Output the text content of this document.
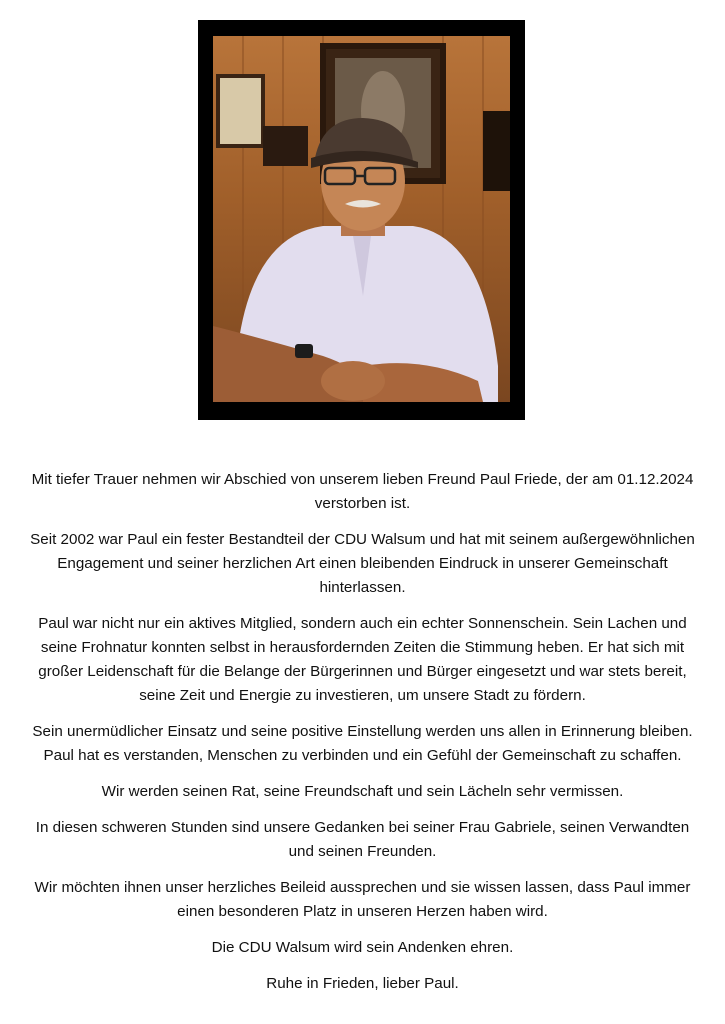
Mit tiefer Trauer nehmen wir Abschied von unserem lieben Freund Paul Friede, der am 01.12.2024 verstorben ist.

Seit 2002 war Paul ein fester Bestandteil der CDU Walsum und hat mit seinem außergewöhnlichen Engagement und seiner herzlichen Art einen bleibenden Eindruck in unserer Gemeinschaft hinterlassen.

Paul war nicht nur ein aktives Mitglied, sondern auch ein echter Sonnenschein. Sein Lachen und seine Frohnatur konnten selbst in herausfordernden Zeiten die Stimmung heben. Er hat sich mit großer Leidenschaft für die Belange der Bürgerinnen und Bürger eingesetzt und war stets bereit, seine Zeit und Energie zu investieren, um unsere Stadt zu fördern.

Sein unermüdlicher Einsatz und seine positive Einstellung werden uns allen in Erinnerung bleiben. Paul hat es verstanden, Menschen zu verbinden und ein Gefühl der Gemeinschaft zu schaffen.

Wir werden seinen Rat, seine Freundschaft und sein Lächeln sehr vermissen.

In diesen schweren Stunden sind unsere Gedanken bei seiner Frau Gabriele, seinen Verwandten und seinen Freunden.

Wir möchten ihnen unser herzliches Beileid aussprechen und sie wissen lassen, dass Paul immer einen besonderen Platz in unseren Herzen haben wird.

Die CDU Walsum wird sein Andenken ehren.

Ruhe in Frieden, lieber Paul.
